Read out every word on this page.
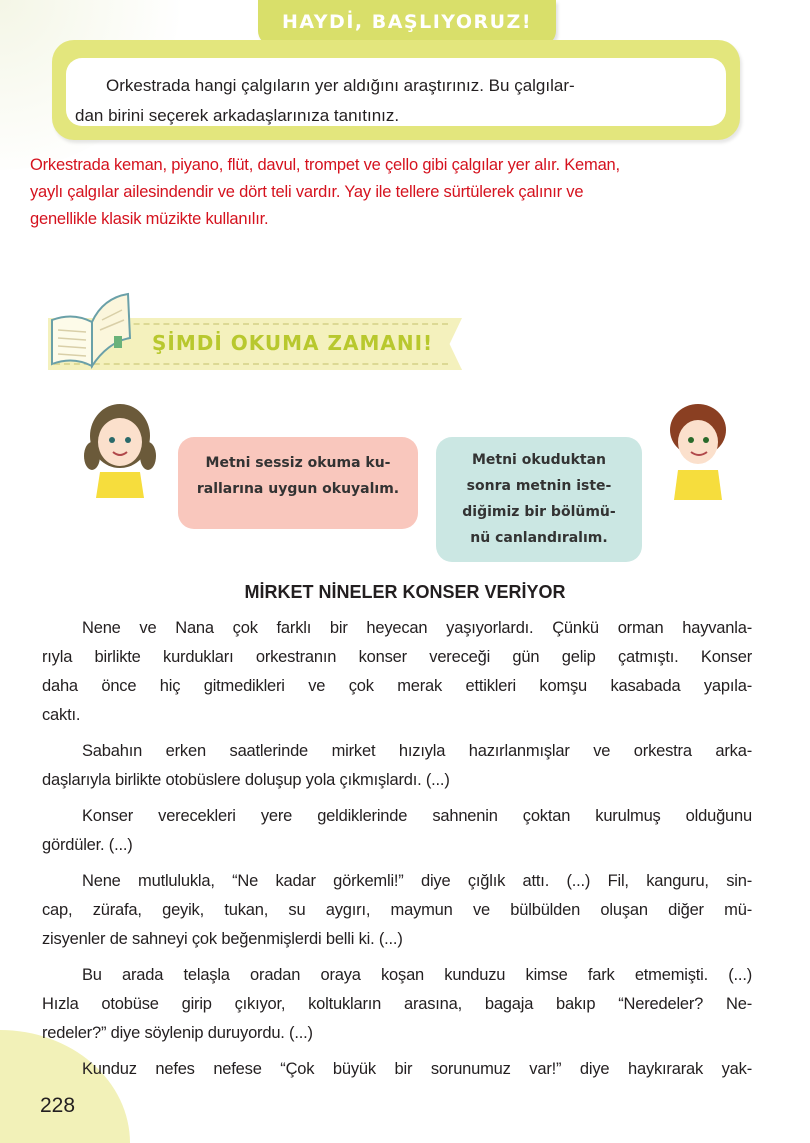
HAYDİ, BAŞLIYORUZ!
Orkestrada hangi çalgıların yer aldığını araştırınız. Bu çalgılar-
dan birini seçerek arkadaşlarınıza tanıtınız.
Orkestrada keman, piyano, flüt, davul, trompet ve çello gibi çalgılar yer alır. Keman,
yaylı çalgılar ailesindendir ve dört teli vardır. Yay ile tellere sürtülerek çalınır ve
genellikle klasik müzikte kullanılır.
ŞİMDİ OKUMA ZAMANI!
Metni sessiz okuma ku-
rallarına uygun okuyalım.
Metni okuduktan
sonra metnin iste-
diğimiz bir bölümü-
nü canlandıralım.
MİRKET NİNELER KONSER VERİYOR
Nene ve Nana çok farklı bir heyecan yaşıyorlardı. Çünkü orman hayvanla-
rıyla birlikte kurdukları orkestranın konser vereceği gün gelip çatmıştı. Konser
daha önce hiç gitmedikleri ve çok merak ettikleri komşu kasabada yapıla-
caktı.
Sabahın erken saatlerinde mirket hızıyla hazırlanmışlar ve orkestra arka-
daşlarıyla birlikte otobüslere doluşup yola çıkmışlardı. (...)
Konser verecekleri yere geldiklerinde sahnenin çoktan kurulmuş olduğunu
gördüler. (...)
Nene mutlulukla, “Ne kadar görkemli!” diye çığlık attı. (...) Fil, kanguru, sin-
cap, zürafa, geyik, tukan, su aygırı, maymun ve bülbülden oluşan diğer mü-
zisyenler de sahneyi çok beğenmişlerdi belli ki. (...)
Bu arada telaşla oradan oraya koşan kunduzu kimse fark etmemişti. (...)
Hızla otobüse girip çıkıyor, koltukların arasına, bagaja bakıp “Neredeler? Ne-
redeler?” diye söylenip duruyordu. (...)
Kunduz nefes nefese “Çok büyük bir sorunumuz var!” diye haykırarak yak-
228
